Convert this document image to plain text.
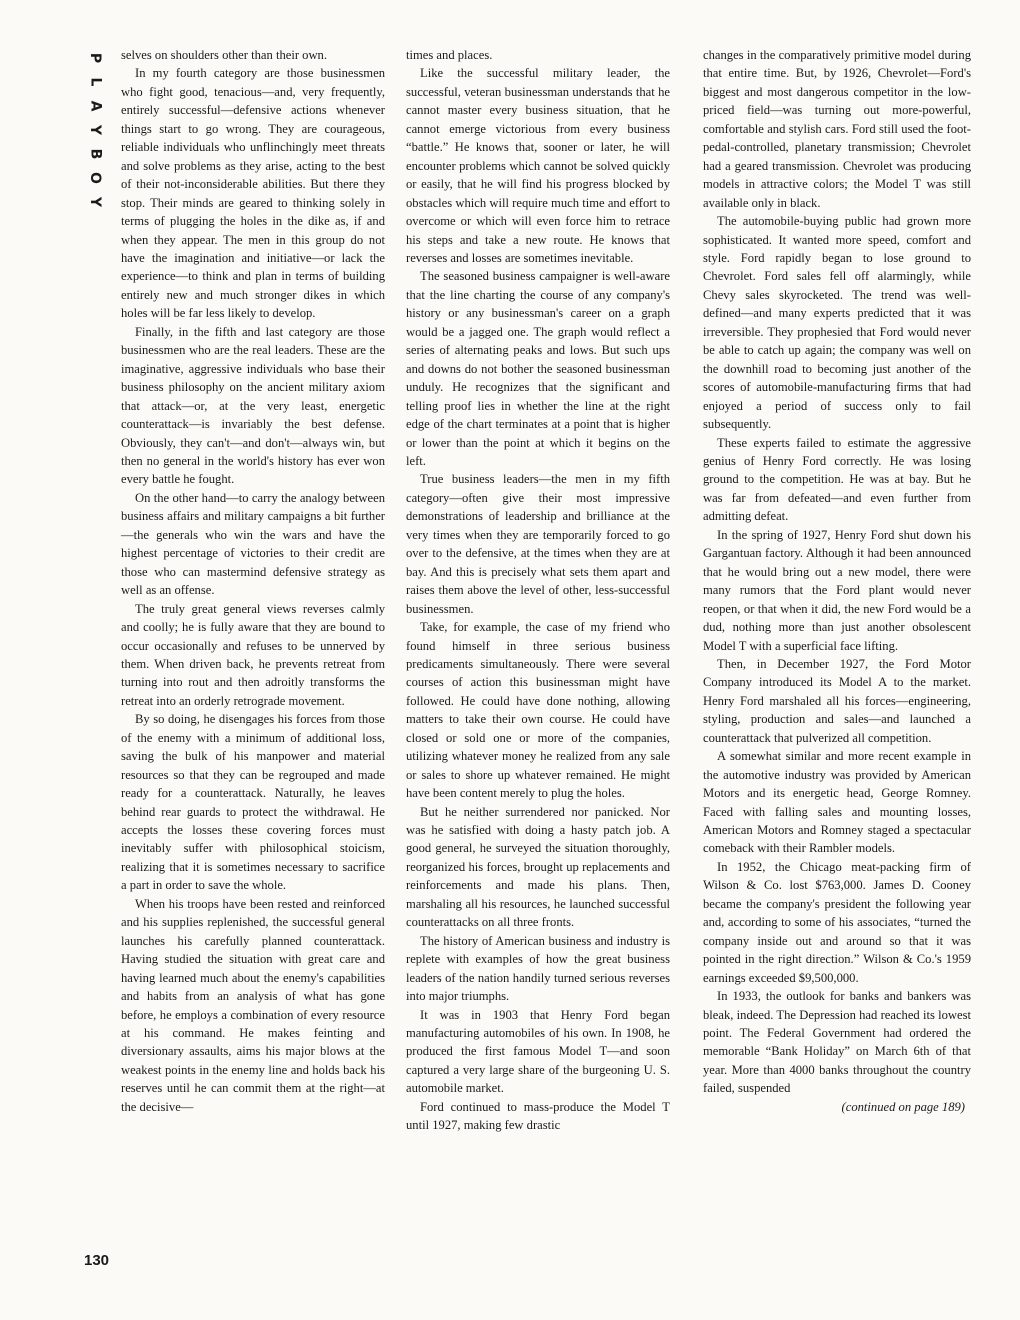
P
L
A
Y
B
O
Y

selves on shoulders other than their own.

In my fourth category are those businessmen who fight good, tenacious—and, very frequently, entirely successful—defensive actions whenever things start to go wrong. They are courageous, reliable individuals who unflinchingly meet threats and solve problems as they arise, acting to the best of their not-inconsiderable abilities. But there they stop. Their minds are geared to thinking solely in terms of plugging the holes in the dike as, if and when they appear. The men in this group do not have the imagination and initiative—or lack the experience—to think and plan in terms of building entirely new and much stronger dikes in which holes will be far less likely to develop.

Finally, in the fifth and last category are those businessmen who are the real leaders. These are the imaginative, aggressive individuals who base their business philosophy on the ancient military axiom that attack—or, at the very least, energetic counterattack—is invariably the best defense. Obviously, they can't—and don't—always win, but then no general in the world's history has ever won every battle he fought.

On the other hand—to carry the analogy between business affairs and military campaigns a bit further—the generals who win the wars and have the highest percentage of victories to their credit are those who can mastermind defensive strategy as well as an offense.

The truly great general views reverses calmly and coolly; he is fully aware that they are bound to occur occasionally and refuses to be unnerved by them. When driven back, he prevents retreat from turning into rout and then adroitly transforms the retreat into an orderly retrograde movement.

By so doing, he disengages his forces from those of the enemy with a minimum of additional loss, saving the bulk of his manpower and material resources so that they can be regrouped and made ready for a counterattack. Naturally, he leaves behind rear guards to protect the withdrawal. He accepts the losses these covering forces must inevitably suffer with philosophical stoicism, realizing that it is sometimes necessary to sacrifice a part in order to save the whole.

When his troops have been rested and reinforced and his supplies replenished, the successful general launches his carefully planned counterattack. Having studied the situation with great care and having learned much about the enemy's capabilities and habits from an analysis of what has gone before, he employs a combination of every resource at his command. He makes feinting and diversionary assaults, aims his major blows at the weakest points in the enemy line and holds back his reserves until he can commit them at the right—at the decisive—

times and places.

Like the successful military leader, the successful, veteran businessman understands that he cannot master every business situation, that he cannot emerge victorious from every business “battle.” He knows that, sooner or later, he will encounter problems which cannot be solved quickly or easily, that he will find his progress blocked by obstacles which will require much time and effort to overcome or which will even force him to retrace his steps and take a new route. He knows that reverses and losses are sometimes inevitable.

The seasoned business campaigner is well-aware that the line charting the course of any company's history or any businessman's career on a graph would be a jagged one. The graph would reflect a series of alternating peaks and lows. But such ups and downs do not bother the seasoned businessman unduly. He recognizes that the significant and telling proof lies in whether the line at the right edge of the chart terminates at a point that is higher or lower than the point at which it begins on the left.

True business leaders—the men in my fifth category—often give their most impressive demonstrations of leadership and brilliance at the very times when they are temporarily forced to go over to the defensive, at the times when they are at bay. And this is precisely what sets them apart and raises them above the level of other, less-successful businessmen.

Take, for example, the case of my friend who found himself in three serious business predicaments simultaneously. There were several courses of action this businessman might have followed. He could have done nothing, allowing matters to take their own course. He could have closed or sold one or more of the companies, utilizing whatever money he realized from any sale or sales to shore up whatever remained. He might have been content merely to plug the holes.

But he neither surrendered nor panicked. Nor was he satisfied with doing a hasty patch job. A good general, he surveyed the situation thoroughly, reorganized his forces, brought up replacements and reinforcements and made his plans. Then, marshaling all his resources, he launched successful counterattacks on all three fronts.

The history of American business and industry is replete with examples of how the great business leaders of the nation handily turned serious reverses into major triumphs.

It was in 1903 that Henry Ford began manufacturing automobiles of his own. In 1908, he produced the first famous Model T—and soon captured a very large share of the burgeoning U. S. automobile market.

Ford continued to mass-produce the Model T until 1927, making few drastic

changes in the comparatively primitive model during that entire time. But, by 1926, Chevrolet—Ford's biggest and most dangerous competitor in the low-priced field—was turning out more-powerful, comfortable and stylish cars. Ford still used the foot-pedal-controlled, planetary transmission; Chevrolet had a geared transmission. Chevrolet was producing models in attractive colors; the Model T was still available only in black.

The automobile-buying public had grown more sophisticated. It wanted more speed, comfort and style. Ford rapidly began to lose ground to Chevrolet. Ford sales fell off alarmingly, while Chevy sales skyrocketed. The trend was well-defined—and many experts predicted that it was irreversible. They prophesied that Ford would never be able to catch up again; the company was well on the downhill road to becoming just another of the scores of automobile-manufacturing firms that had enjoyed a period of success only to fail subsequently.

These experts failed to estimate the aggressive genius of Henry Ford correctly. He was losing ground to the competition. He was at bay. But he was far from defeated—and even further from admitting defeat.

In the spring of 1927, Henry Ford shut down his Gargantuan factory. Although it had been announced that he would bring out a new model, there were many rumors that the Ford plant would never reopen, or that when it did, the new Ford would be a dud, nothing more than just another obsolescent Model T with a superficial face lifting.

Then, in December 1927, the Ford Motor Company introduced its Model A to the market. Henry Ford marshaled all his forces—engineering, styling, production and sales—and launched a counterattack that pulverized all competition.

A somewhat similar and more recent example in the automotive industry was provided by American Motors and its energetic head, George Romney. Faced with falling sales and mounting losses, American Motors and Romney staged a spectacular comeback with their Rambler models.

In 1952, the Chicago meat-packing firm of Wilson & Co. lost $763,000. James D. Cooney became the company's president the following year and, according to some of his associates, “turned the company inside out and around so that it was pointed in the right direction.” Wilson & Co.'s 1959 earnings exceeded $9,500,000.

In 1933, the outlook for banks and bankers was bleak, indeed. The Depression had reached its lowest point. The Federal Government had ordered the memorable “Bank Holiday” on March 6th of that year. More than 4000 banks throughout the country failed, suspended

(continued on page 189)
130
